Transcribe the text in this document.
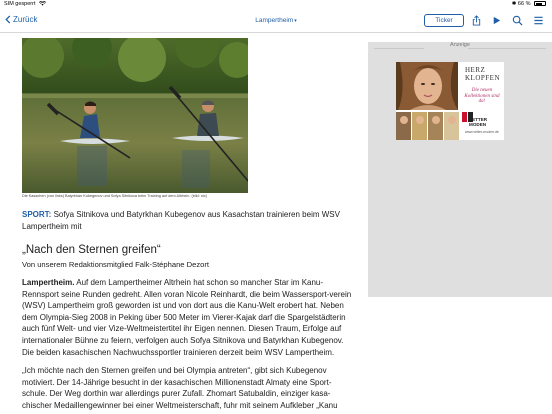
SIM gesperrt	✱ 66 %
Zurück	Lampertheim▾	Ticker
Die Kasachen (von links) Batyrkhan Kubegenov und Sofya Sitnikova beim Training auf dem Altrhein. (bild: nix)
SPORT: Sofya Sitnikova und Batyrkhan Kubegenov aus Kasachstan trainieren beim WSV Lampertheim mit
„Nach den Sternen greifen“
Von unserem Redaktionsmitglied Falk-Stéphane Dezort
Lampertheim. Auf dem Lampertheimer Altrhein hat schon so mancher Star im Kanu-Rennsport seine Runden gedreht. Allen voran Nicole Reinhardt, die beim Wassersport-verein (WSV) Lampertheim groß geworden ist und von dort aus die Kanu-Welt erobert hat. Neben dem Olympia-Sieg 2008 in Peking über 500 Meter im Vierer-Kajak darf die Spargelstädterin auch fünf Welt- und vier Vize-Weltmeistertitel ihr Eigen nennen. Diesen Traum, Erfolge auf internationaler Bühne zu feiern, verfolgen auch Sofya Sitnikova und Batyrkhan Kubegenov. Die beiden kasachischen Nachwuchssportler trainieren derzeit beim WSV Lampertheim.
„Ich möchte nach den Sternen greifen und bei Olympia antreten“, gibt sich Kubegenov motiviert. Der 14-Jährige besucht in der kasachischen Millionenstadt Almaty eine Sport-schule. Der Weg dorthin war allerdings purer Zufall. Zhomart Satubaldin, einziger kasa-chischer Medaillengewinner bei einer Weltmeisterschaft, fuhr mit seinem Aufkleber „Kanu
Anzeige
HERZ
KLOPFEN
Die neuen Kollektionen sind da!
VETTER
MODEN
www.vetter-moden.de
